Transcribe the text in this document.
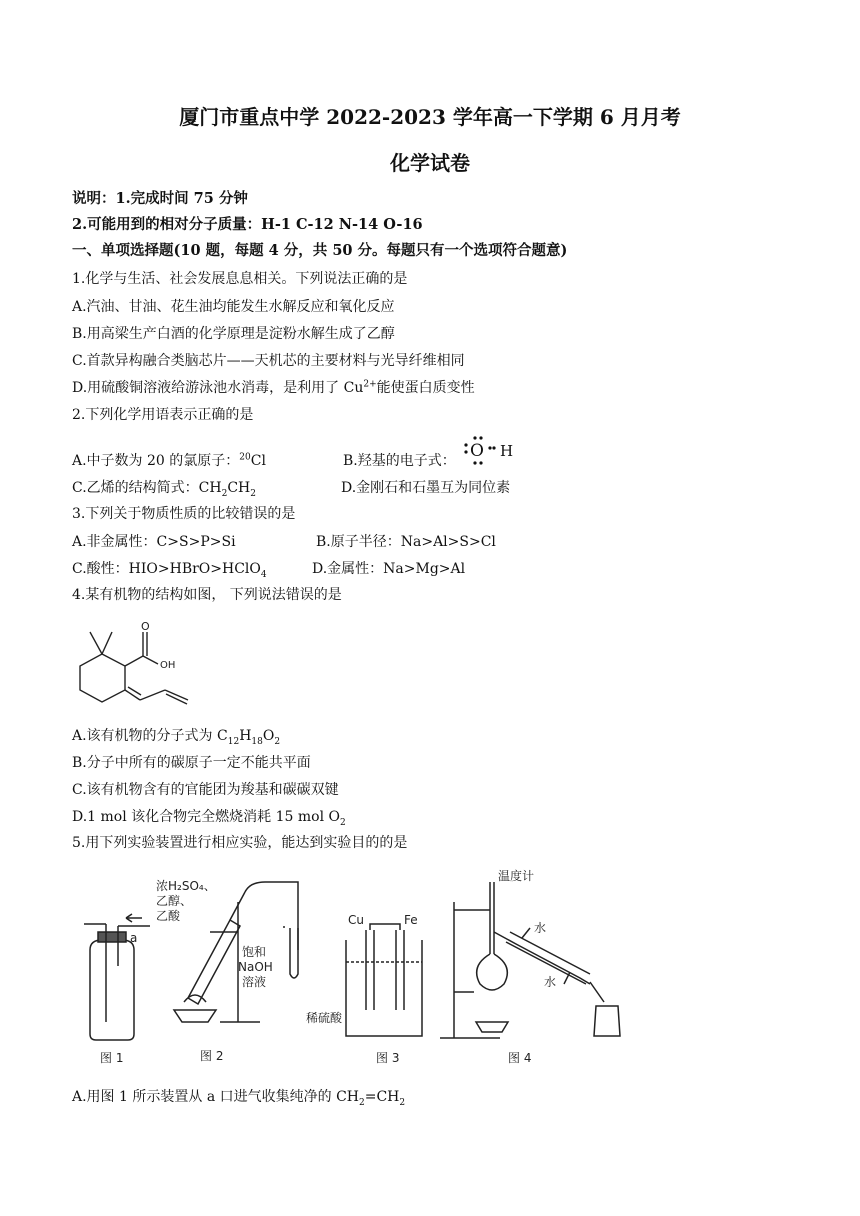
厦门市重点中学 2022-2023 学年高一下学期 6 月月考
化学试卷
说明：1.完成时间 75 分钟
2.可能用到的相对分子质量：H-1 C-12 N-14 O-16
一、单项选择题(10 题，每题 4 分，共 50 分。每题只有一个选项符合题意)
1.化学与生活、社会发展息息相关。下列说法正确的是
A.汽油、甘油、花生油均能发生水解反应和氧化反应
B.用高梁生产白酒的化学原理是淀粉水解生成了乙醇
C.首款异构融合类脑芯片——天机芯的主要材料与光导纤维相同
D.用硫酸铜溶液给游泳池水消毒，是利用了 $Cu^{2+}$能使蛋白质变性
2.下列化学用语表示正确的是
A.中子数为 20 的氯原子：$^{20}$Cl	B.羟基的电子式： O H
C.乙烯的结构简式：$CH_2CH_2$	D.金刚石和石墨互为同位素
3.下列关于物质性质的比较错误的是
A.非金属性：C>S>P>Si	B.原子半径：Na>Al>S>Cl
C.酸性：HIO>HBrO>HClO$_4$	D.金属性：Na>Mg>Al
4.某有机物的结构如图， 下列说法错误的是
O
OH
A.该有机物的分子式为 $C_{12}H_{18}O_2$
B.分子中所有的碳原子一定不能共平面
C.该有机物含有的官能团为羧基和碳碳双键
D.1 mol 该化合物完全燃烧消耗 15 mol $O_2$
5.用下列实验装置进行相应实验，能达到实验目的的是
a
图 1
浓H₂SO₄、
乙醇、
乙酸
饱和
NaOH
溶液
图 2
Cu	Fe
稀硫酸
图 3
温度计
水
水
图 4
A.用图 1 所示装置从 a 口进气收集纯净的 $CH_2=CH_2$
